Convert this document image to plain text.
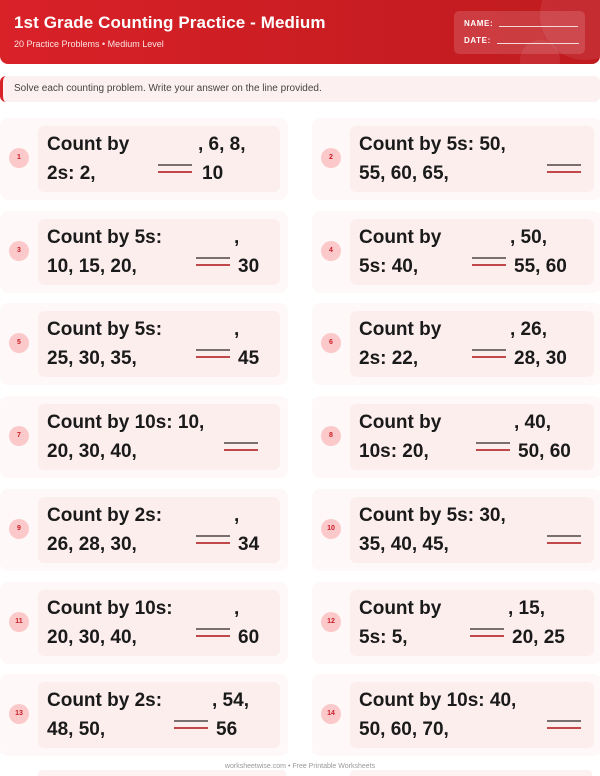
1st Grade Counting Practice - Medium
20 Practice Problems • Medium Level
NAME:
DATE:
Solve each counting problem. Write your answer on the line provided.
1
Count by
2s: 2,
, 6, 8,
10
2
Count by 5s: 50,
55, 60, 65,
3
Count by 5s:
10, 15, 20,
,
30
4
Count by
5s: 40,
, 50,
55, 60
5
Count by 5s:
25, 30, 35,
,
45
6
Count by
2s: 22,
, 26,
28, 30
7
Count by 10s: 10,
20, 30, 40,
8
Count by
10s: 20,
, 40,
50, 60
9
Count by 2s:
26, 28, 30,
,
34
10
Count by 5s: 30,
35, 40, 45,
11
Count by 10s:
20, 30, 40,
,
60
12
Count by
5s: 5,
, 15,
20, 25
13
Count by 2s:
48, 50,
, 54,
56
14
Count by 10s: 40,
50, 60, 70,
worksheetwise.com • Free Printable Worksheets
